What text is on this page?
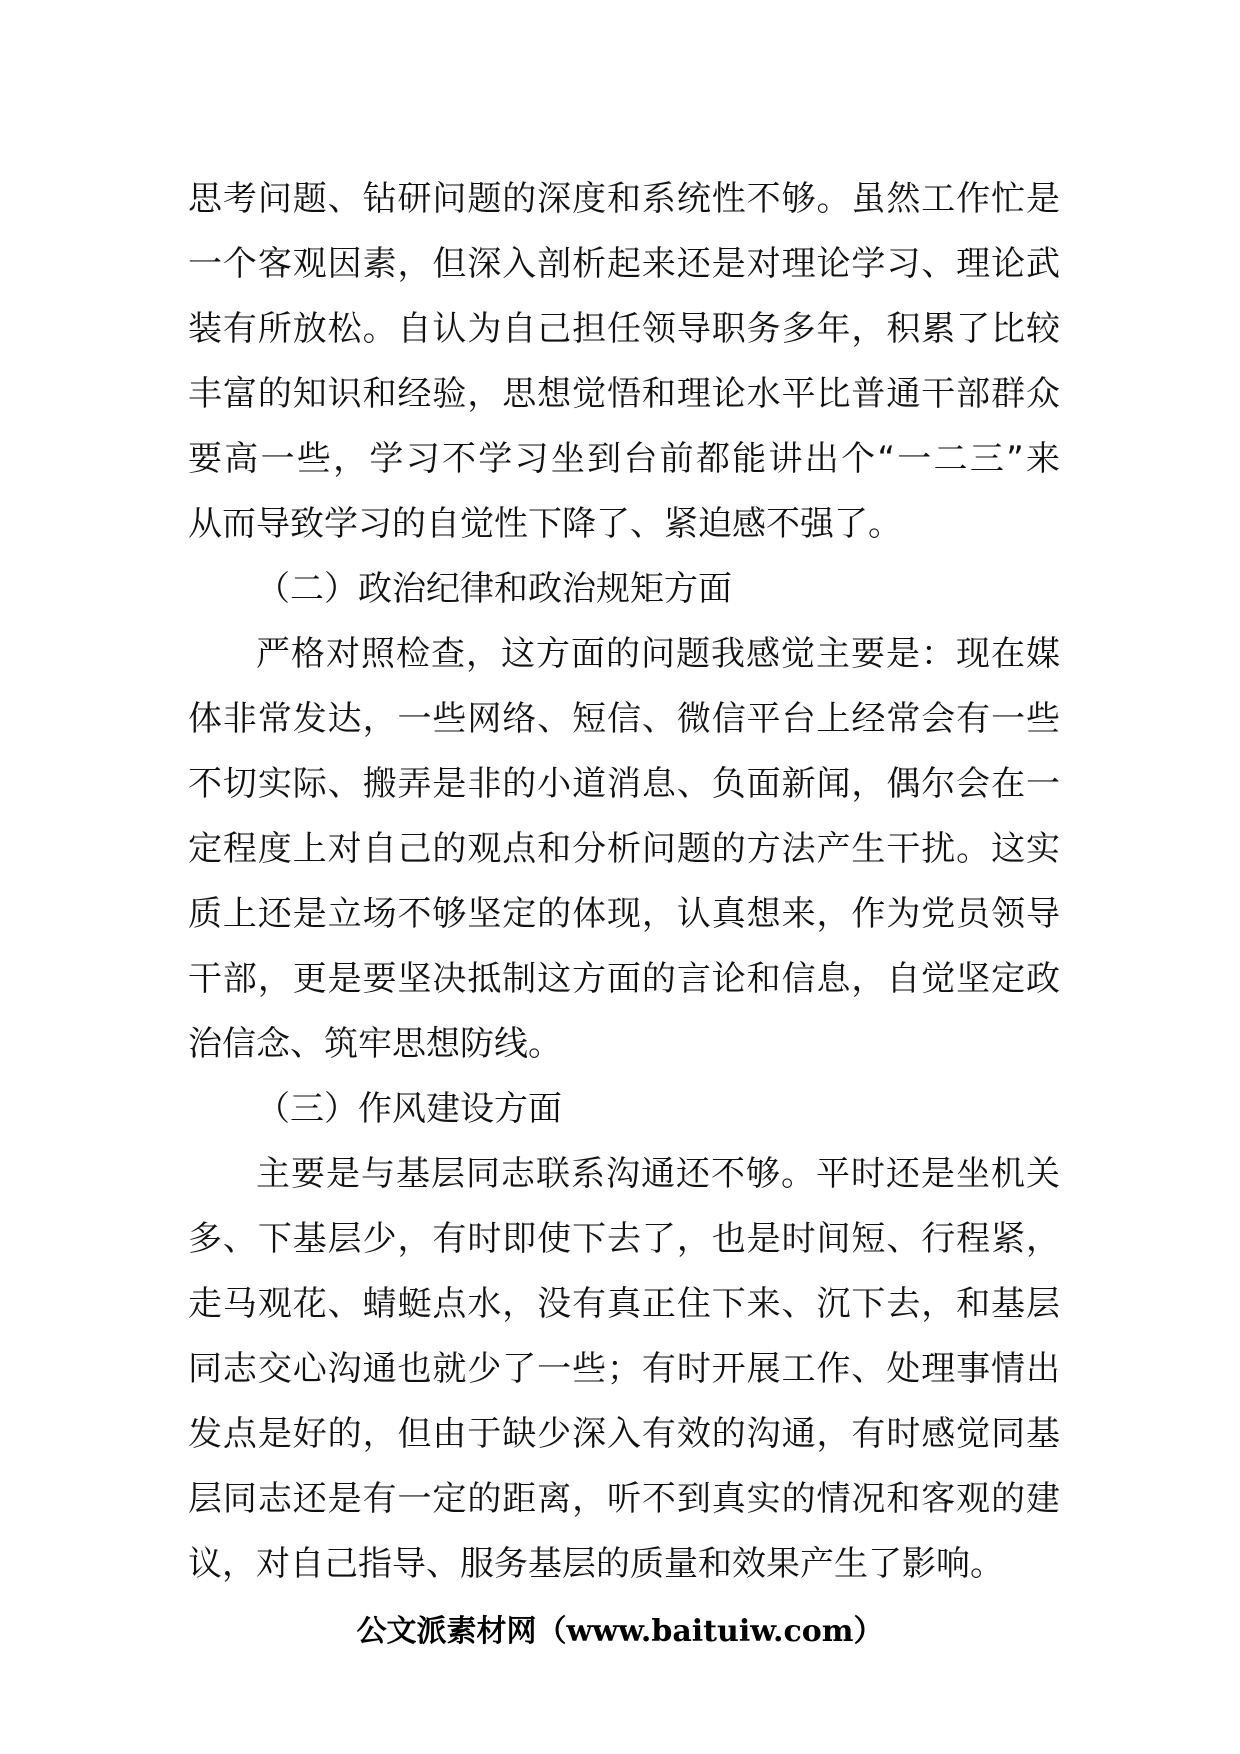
思考问题、钻研问题的深度和系统性不够。虽然工作忙是
一个客观因素，但深入剖析起来还是对理论学习、理论武
装有所放松。自认为自己担任领导职务多年，积累了比较
丰富的知识和经验，思想觉悟和理论水平比普通干部群众
要高一些，学习不学习坐到台前都能讲出个“一二三”来
从而导致学习的自觉性下降了、紧迫感不强了。
（二）政治纪律和政治规矩方面
严格对照检查，这方面的问题我感觉主要是：现在媒
体非常发达，一些网络、短信、微信平台上经常会有一些
不切实际、搬弄是非的小道消息、负面新闻，偶尔会在一
定程度上对自己的观点和分析问题的方法产生干扰。这实
质上还是立场不够坚定的体现，认真想来，作为党员领导
干部，更是要坚决抵制这方面的言论和信息，自觉坚定政
治信念、筑牢思想防线。
（三）作风建设方面
主要是与基层同志联系沟通还不够。平时还是坐机关
多、下基层少，有时即使下去了，也是时间短、行程紧，
走马观花、蜻蜓点水，没有真正住下来、沉下去，和基层
同志交心沟通也就少了一些；有时开展工作、处理事情出
发点是好的，但由于缺少深入有效的沟通，有时感觉同基
层同志还是有一定的距离，听不到真实的情况和客观的建
议，对自己指导、服务基层的质量和效果产生了影响。
公文派素材网（www.baituiw.com）
